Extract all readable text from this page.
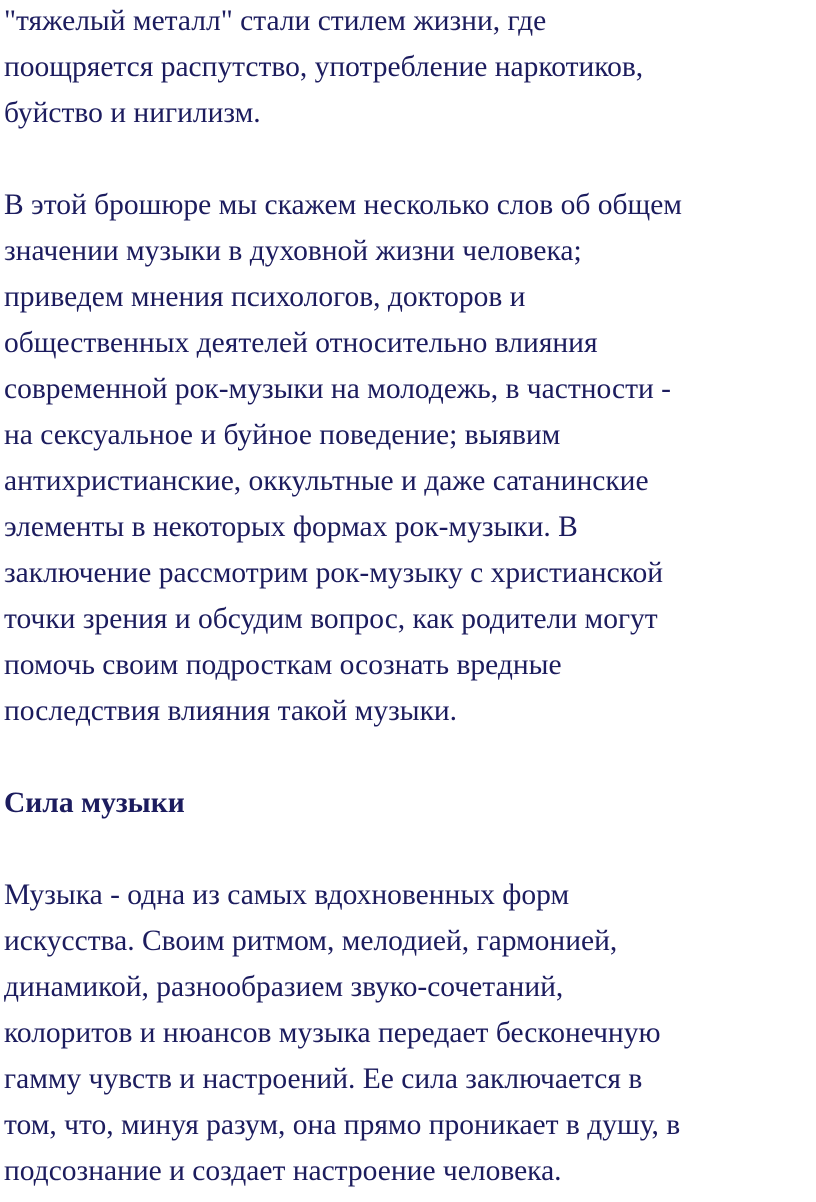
"тяжелый металл" стали стилем жизни, где
поощряется распутство, употребление наркотиков,
буйство и нигилизм.
В этой брошюре мы скажем несколько слов об общем
значении музыки в духовной жизни человека;
приведем мнения психологов, докторов и
общественных деятелей относительно влияния
современной рок-музыки на молодежь, в частности -
на сексуальное и буйное поведение; выявим
антихристианские, оккультные и даже сатанинские
элементы в некоторых формах рок-музыки. В
заключение рассмотрим рок-музыку с христианской
точки зрения и обсудим вопрос, как родители могут
помочь своим подросткам осознать вредные
последствия влияния такой музыки.
Сила музыки
Музыка - одна из самых вдохновенных форм
искусства. Своим ритмом, мелодией, гармонией,
динамикой, разнообразием звуко-сочетаний,
колоритов и нюансов музыка передает бесконечную
гамму чувств и настроений. Ее сила заключается в
том, что, минуя разум, она прямо проникает в душу, в
подсознание и создает настроение человека.
